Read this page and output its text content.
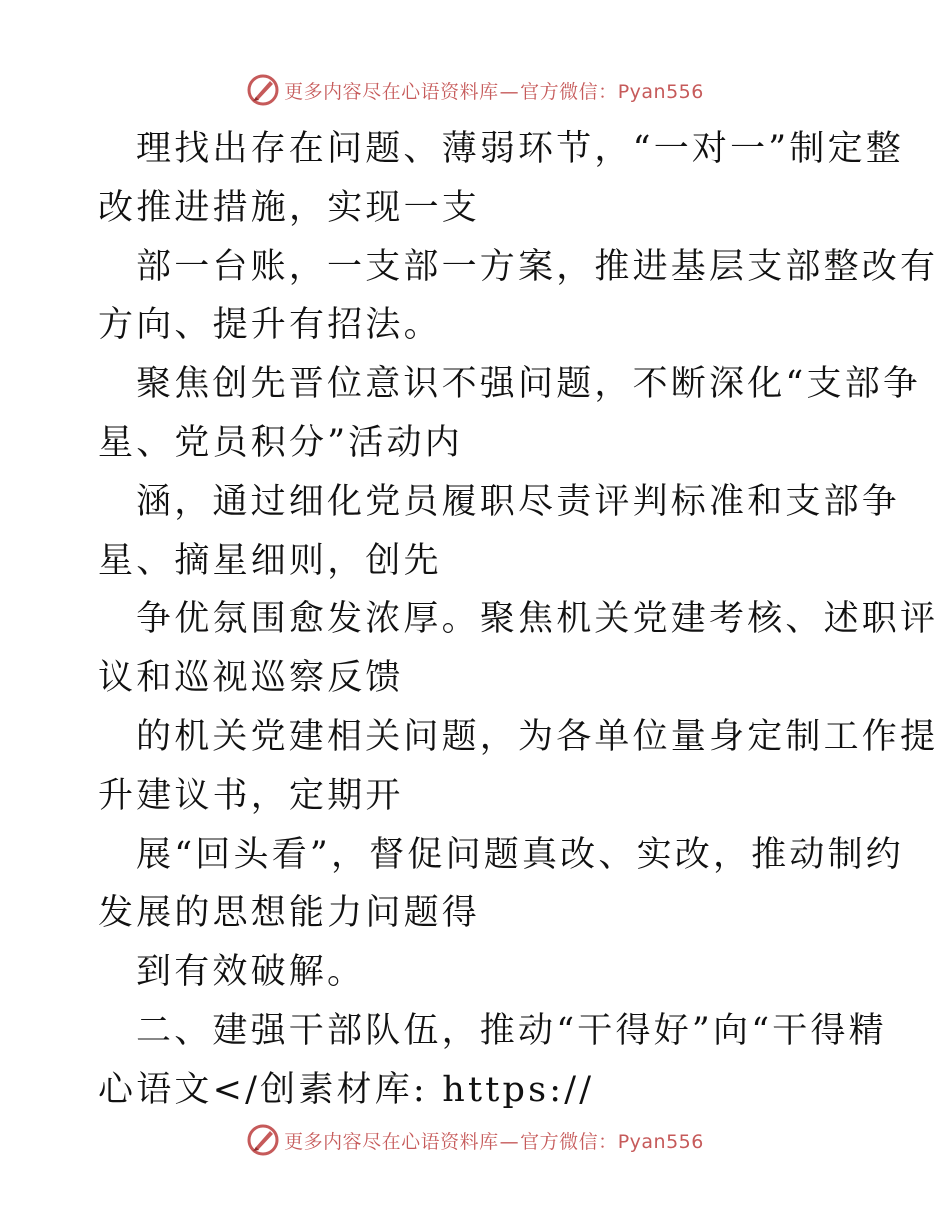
更多内容尽在心语资料库—官方微信：Pyan556
理找出存在问题、薄弱环节，“一对一”制定整
改推进措施，实现一支
部一台账，一支部一方案，推进基层支部整改有
方向、提升有招法。
聚焦创先晋位意识不强问题，不断深化“支部争
星、党员积分”活动内
涵，通过细化党员履职尽责评判标准和支部争
星、摘星细则，创先
争优氛围愈发浓厚。聚焦机关党建考核、述职评
议和巡视巡察反馈
的机关党建相关问题，为各单位量身定制工作提
升建议书，定期开
展“回头看”，督促问题真改、实改，推动制约
发展的思想能力问题得
到有效破解。
二、建强干部队伍，推动“干得好”向“干得精
心语文</创素材库: https://
更多内容尽在心语资料库—官方微信：Pyan556
